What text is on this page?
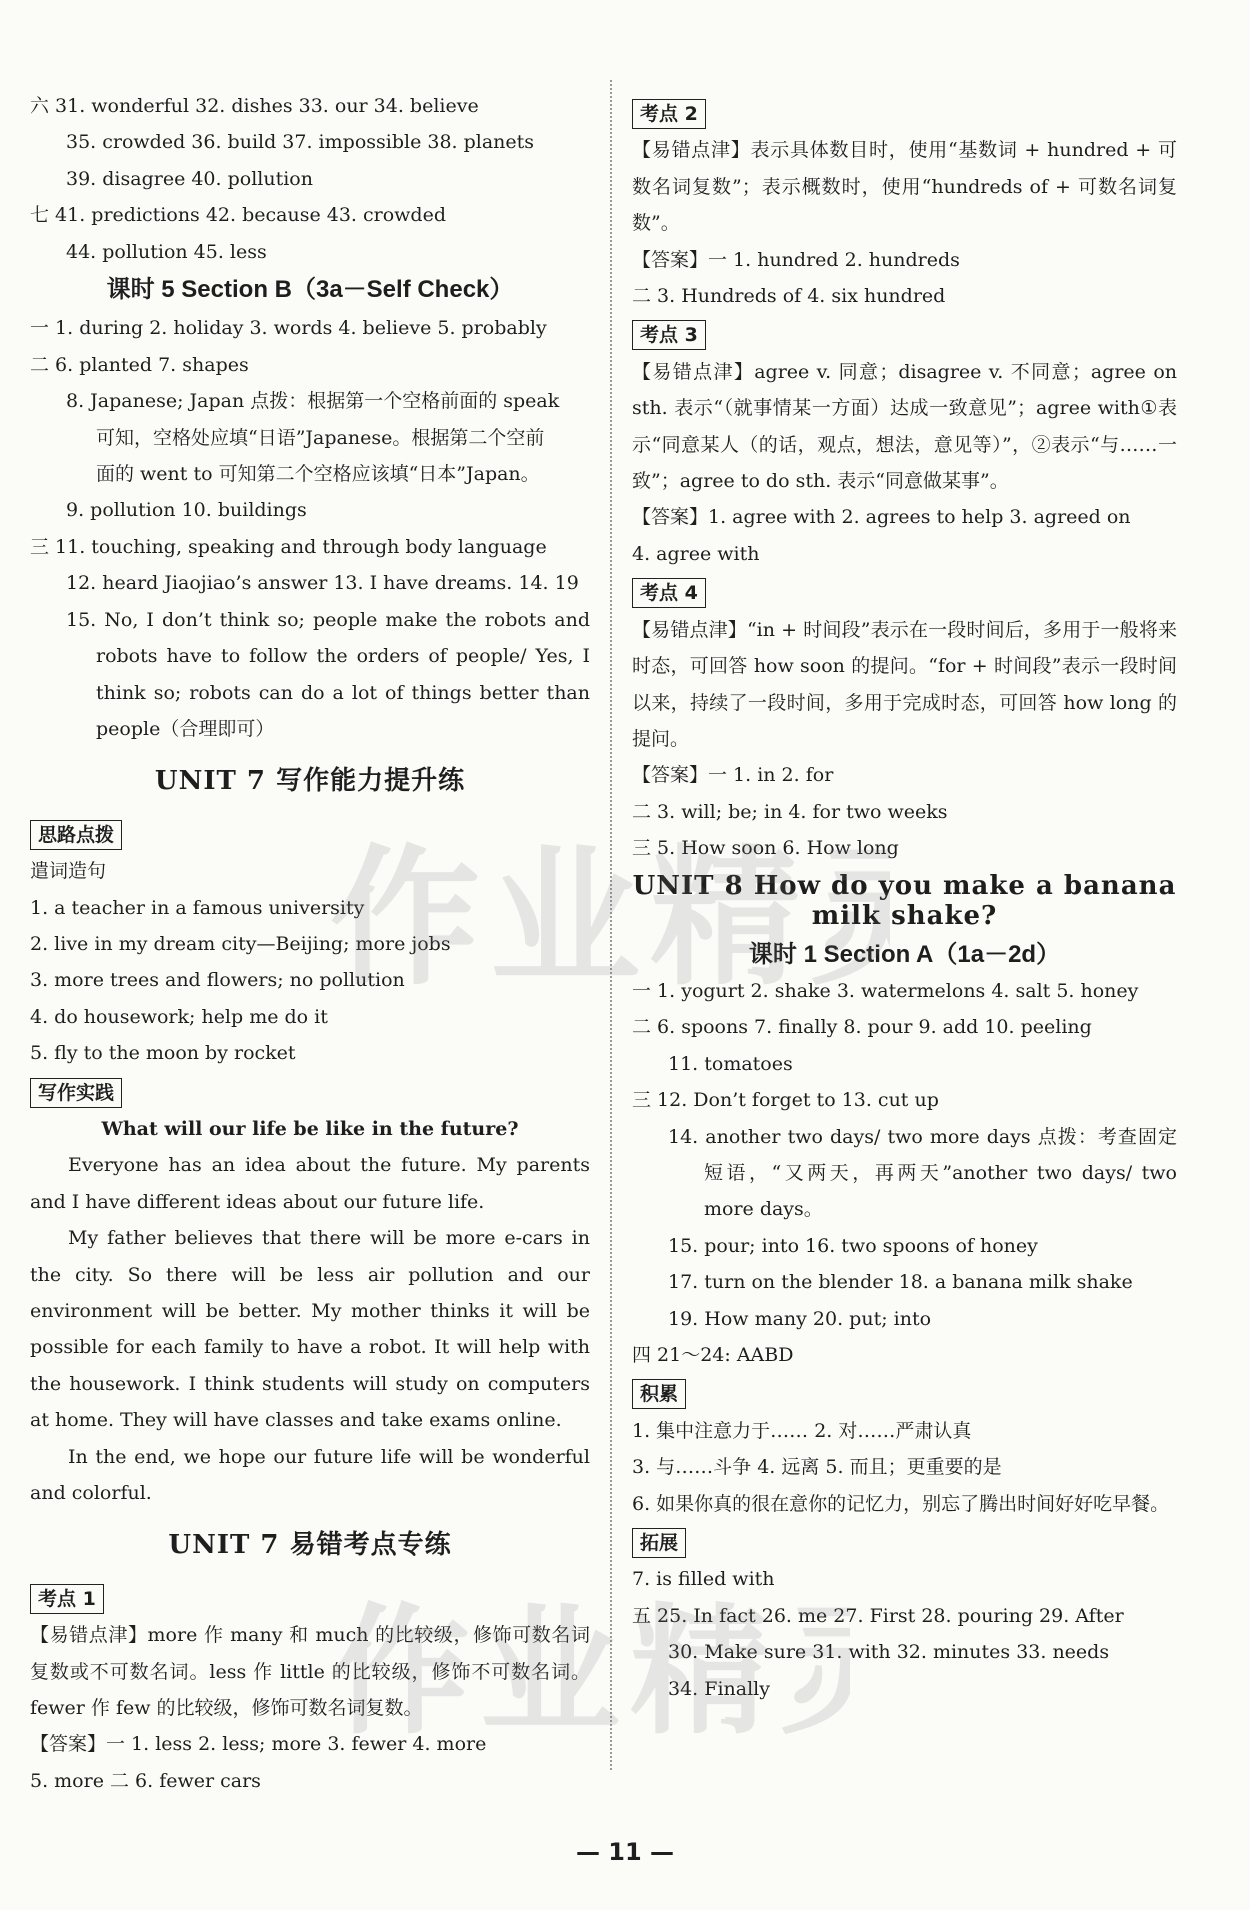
六 31. wonderful 32. dishes 33. our 34. believe
35. crowded 36. build 37. impossible 38. planets
39. disagree 40. pollution
七 41. predictions 42. because 43. crowded
44. pollution 45. less
课时 5 Section B（3a－Self Check）
一 1. during 2. holiday 3. words 4. believe 5. probably
二 6. planted 7. shapes
8. Japanese; Japan 点拨：根据第一个空格前面的 speak
可知，空格处应填“日语”Japanese。根据第二个空前
面的 went to 可知第二个空格应该填“日本”Japan。
9. pollution 10. buildings
三 11. touching, speaking and through body language
12. heard Jiaojiao’s answer 13. I have dreams. 14. 19
15. No, I don’t think so; people make the robots and robots have to follow the orders of people/ Yes, I think so; robots can do a lot of things better than people（合理即可）
UNIT 7 写作能力提升练
思路点拨
遣词造句
1. a teacher in a famous university
2. live in my dream city—Beijing; more jobs
3. more trees and flowers; no pollution
4. do housework; help me do it
5. fly to the moon by rocket
写作实践
What will our life be like in the future?
Everyone has an idea about the future. My parents and I have different ideas about our future life.
My father believes that there will be more e-cars in the city. So there will be less air pollution and our environment will be better. My mother thinks it will be possible for each family to have a robot. It will help with the housework. I think students will study on computers at home. They will have classes and take exams online.
In the end, we hope our future life will be wonderful and colorful.
UNIT 7 易错考点专练
考点 1
【易错点津】more 作 many 和 much 的比较级，修饰可数名词复数或不可数名词。less 作 little 的比较级，修饰不可数名词。fewer 作 few 的比较级，修饰可数名词复数。
【答案】一 1. less 2. less; more 3. fewer 4. more
5. more 二 6. fewer cars
考点 2
【易错点津】表示具体数目时，使用“基数词 + hundred + 可数名词复数”；表示概数时，使用“hundreds of + 可数名词复数”。
【答案】一 1. hundred 2. hundreds
二 3. Hundreds of 4. six hundred
考点 3
【易错点津】agree v. 同意；disagree v. 不同意；agree on sth. 表示“（就事情某一方面）达成一致意见”；agree with①表示“同意某人（的话，观点，想法，意见等）”，②表示“与……一致”；agree to do sth. 表示“同意做某事”。
【答案】1. agree with 2. agrees to help 3. agreed on
4. agree with
考点 4
【易错点津】“in + 时间段”表示在一段时间后，多用于一般将来时态，可回答 how soon 的提问。“for + 时间段”表示一段时间以来，持续了一段时间，多用于完成时态，可回答 how long 的提问。
【答案】一 1. in 2. for
二 3. will; be; in 4. for two weeks
三 5. How soon 6. How long
UNIT 8 How do you make a banana
milk shake?
课时 1 Section A（1a－2d）
一 1. yogurt 2. shake 3. watermelons 4. salt 5. honey
二 6. spoons 7. finally 8. pour 9. add 10. peeling
11. tomatoes
三 12. Don’t forget to 13. cut up
14. another two days/ two more days 点拨：考查固定短语，“又两天，再两天”another two days/ two more days。
15. pour; into 16. two spoons of honey
17. turn on the blender 18. a banana milk shake
19. How many 20. put; into
四 21～24: AABD
积累
1. 集中注意力于…… 2. 对……严肃认真
3. 与……斗争 4. 远离 5. 而且；更重要的是
6. 如果你真的很在意你的记忆力，别忘了腾出时间好好吃早餐。
拓展
7. is filled with
五 25. In fact 26. me 27. First 28. pouring 29. After
30. Make sure 31. with 32. minutes 33. needs
34. Finally
作业精
作业精
— 11 —
